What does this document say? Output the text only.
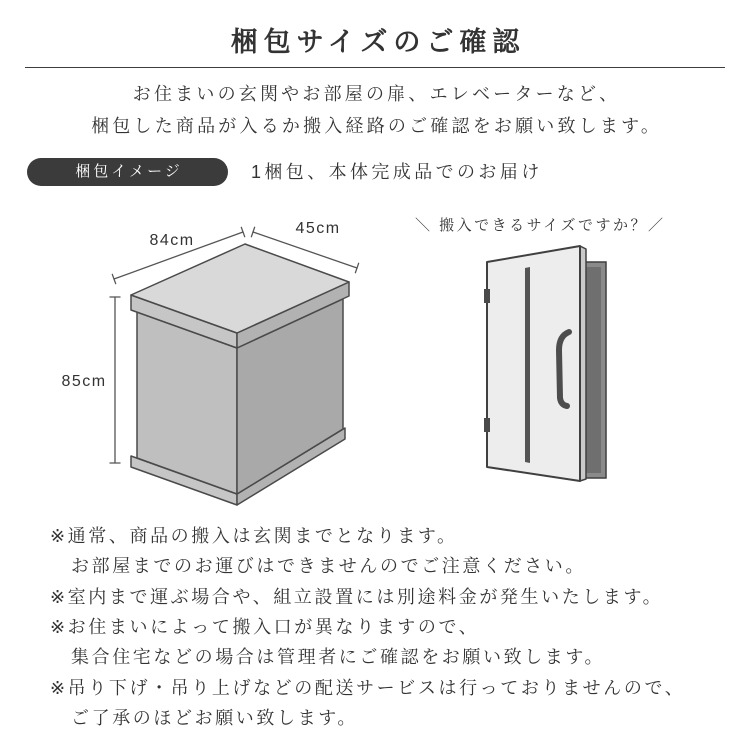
梱包サイズのご確認
お住まいの玄関やお部屋の扉、エレベーターなど、
梱包した商品が入るか搬入経路のご確認をお願い致します。
梱包イメージ	1梱包、本体完成品でのお届け
84cm
45cm
85cm
＼ 搬入できるサイズですか？／
※通常、商品の搬入は玄関までとなります。
お部屋までのお運びはできませんのでご注意ください。
※室内まで運ぶ場合や、組立設置には別途料金が発生いたします。
※お住まいによって搬入口が異なりますので、
集合住宅などの場合は管理者にご確認をお願い致します。
※吊り下げ・吊り上げなどの配送サービスは行っておりませんので、
ご了承のほどお願い致します。
